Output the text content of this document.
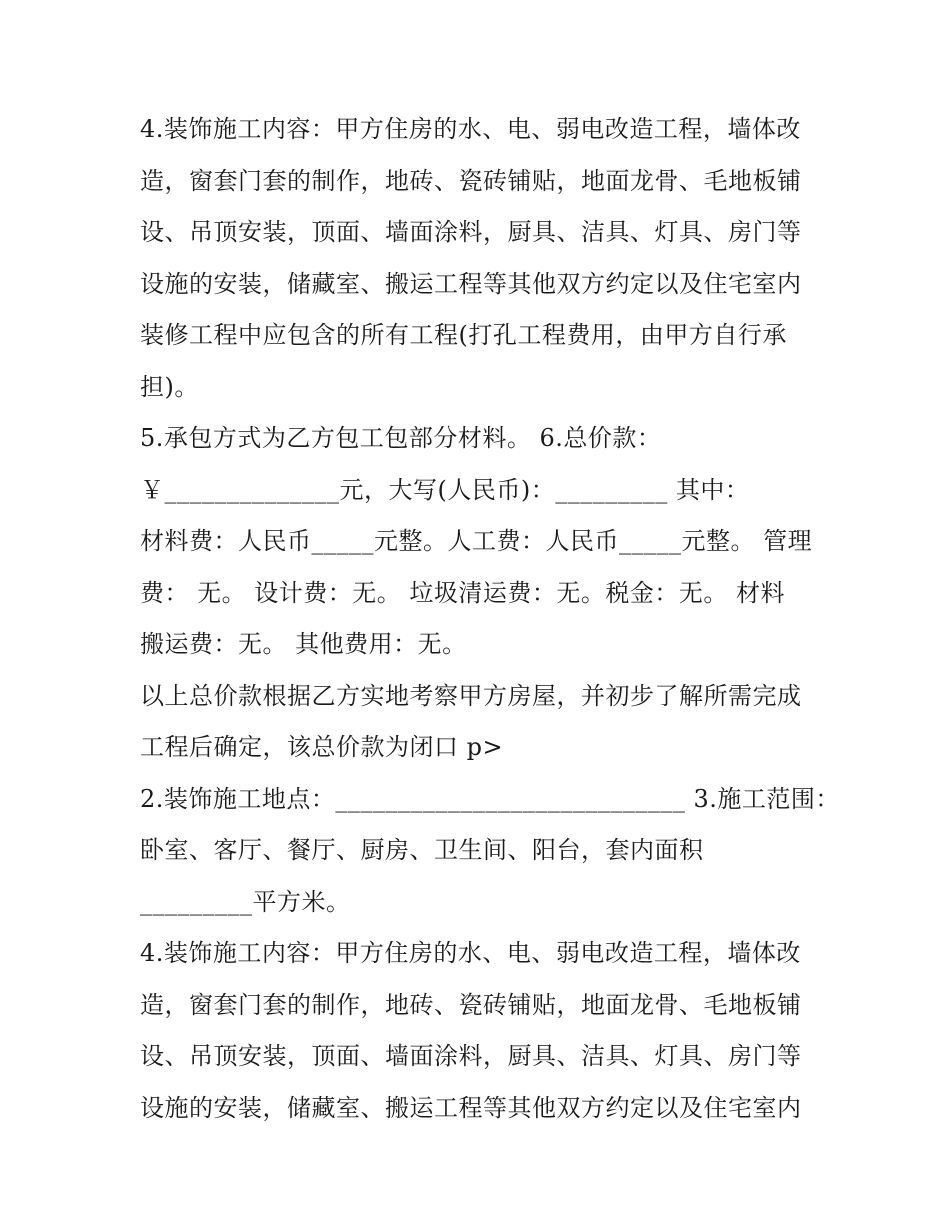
4.装饰施工内容：甲方住房的水、电、弱电改造工程，墙体改
造，窗套门套的制作，地砖、瓷砖铺贴，地面龙骨、毛地板铺
设、吊顶安装，顶面、墙面涂料，厨具、洁具、灯具、房门等
设施的安装，储藏室、搬运工程等其他双方约定以及住宅室内
装修工程中应包含的所有工程(打孔工程费用，由甲方自行承
担)。
5.承包方式为乙方包工包部分材料。 6.总价款：
￥______________元，大写(人民币)：_________ 其中：
材料费：人民币_____元整。人工费：人民币_____元整。 管理
费： 无。 设计费：无。 垃圾清运费：无。税金：无。 材料
搬运费：无。 其他费用：无。
以上总价款根据乙方实地考察甲方房屋，并初步了解所需完成
工程后确定，该总价款为闭口 p>
2.装饰施工地点：____________________________ 3.施工范围：
卧室、客厅、餐厅、厨房、卫生间、阳台，套内面积
_________平方米。
4.装饰施工内容：甲方住房的水、电、弱电改造工程，墙体改
造，窗套门套的制作，地砖、瓷砖铺贴，地面龙骨、毛地板铺
设、吊顶安装，顶面、墙面涂料，厨具、洁具、灯具、房门等
设施的安装，储藏室、搬运工程等其他双方约定以及住宅室内
